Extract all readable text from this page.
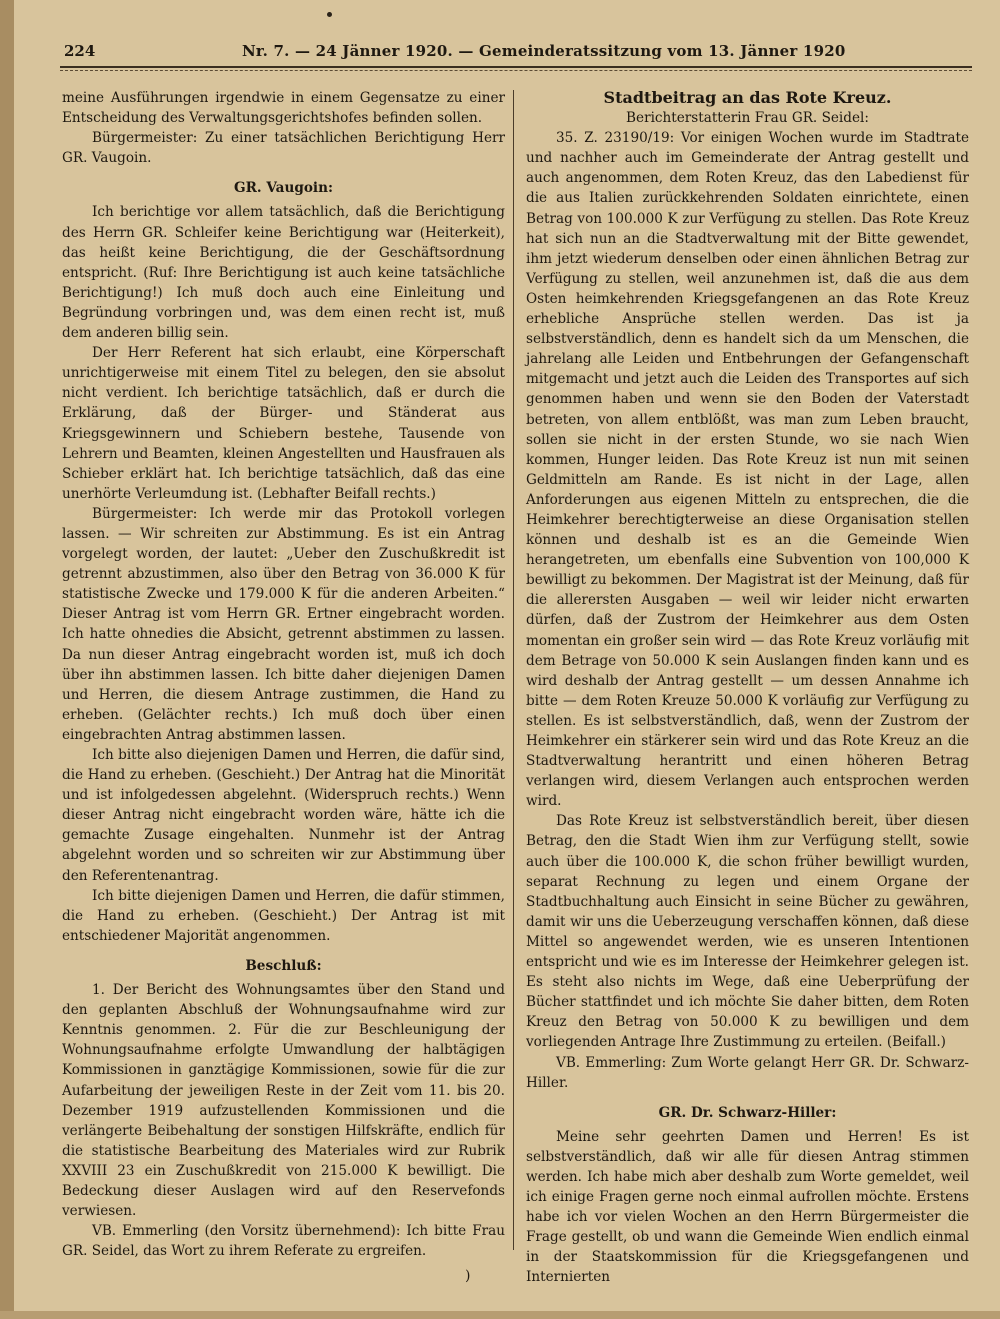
224	Nr. 7. — 24 Jänner 1920. — Gemeinderatssitzung vom 13. Jänner 1920

meine Ausführungen irgendwie in einem Gegensatze zu einer Entscheidung des Verwaltungsgerichtshofes befinden sollen.

Bürgermeister: Zu einer tatsächlichen Berichtigung Herr GR. Vaugoin.

GR. Vaugoin:

Ich berichtige vor allem tatsächlich, daß die Berichtigung des Herrn GR. Schleifer keine Berichtigung war (Heiterkeit), das heißt keine Berichtigung, die der Geschäftsordnung entspricht. (Ruf: Ihre Berichtigung ist auch keine tatsächliche Berichtigung!) Ich muß doch auch eine Einleitung und Begründung vorbringen und, was dem einen recht ist, muß dem anderen billig sein.

Der Herr Referent hat sich erlaubt, eine Körperschaft unrichtigerweise mit einem Titel zu belegen, den sie absolut nicht verdient. Ich berichtige tatsächlich, daß er durch die Erklärung, daß der Bürger- und Ständerat aus Kriegsgewinnern und Schiebern bestehe, Tausende von Lehrern und Beamten, kleinen Angestellten und Hausfrauen als Schieber erklärt hat. Ich berichtige tatsächlich, daß das eine unerhörte Verleumdung ist. (Lebhafter Beifall rechts.)

Bürgermeister: Ich werde mir das Protokoll vorlegen lassen. — Wir schreiten zur Abstimmung. Es ist ein Antrag vorgelegt worden, der lautet: „Ueber den Zuschußkredit ist getrennt abzustimmen, also über den Betrag von 36.000 K für statistische Zwecke und 179.000 K für die anderen Arbeiten.“ Dieser Antrag ist vom Herrn GR. Ertner eingebracht worden. Ich hatte ohnedies die Absicht, getrennt abstimmen zu lassen. Da nun dieser Antrag eingebracht worden ist, muß ich doch über ihn abstimmen lassen. Ich bitte daher diejenigen Damen und Herren, die diesem Antrage zustimmen, die Hand zu erheben. (Gelächter rechts.) Ich muß doch über einen eingebrachten Antrag abstimmen lassen.

Ich bitte also diejenigen Damen und Herren, die dafür sind, die Hand zu erheben. (Geschieht.) Der Antrag hat die Minorität und ist infolgedessen abgelehnt. (Widerspruch rechts.) Wenn dieser Antrag nicht eingebracht worden wäre, hätte ich die gemachte Zusage eingehalten. Nunmehr ist der Antrag abgelehnt worden und so schreiten wir zur Abstimmung über den Referentenantrag.

Ich bitte diejenigen Damen und Herren, die dafür stimmen, die Hand zu erheben. (Geschieht.) Der Antrag ist mit entschiedener Majorität angenommen.

Beschluß:

1. Der Bericht des Wohnungsamtes über den Stand und den geplanten Abschluß der Wohnungsaufnahme wird zur Kenntnis genommen. 2. Für die zur Beschleunigung der Wohnungsaufnahme erfolgte Umwandlung der halbtägigen Kommissionen in ganztägige Kommissionen, sowie für die zur Aufarbeitung der jeweiligen Reste in der Zeit vom 11. bis 20. Dezember 1919 aufzustellenden Kommissionen und die verlängerte Beibehaltung der sonstigen Hilfskräfte, endlich für die statistische Bearbeitung des Materiales wird zur Rubrik XXVIII 23 ein Zuschußkredit von 215.000 K bewilligt. Die Bedeckung dieser Auslagen wird auf den Reservefonds verwiesen.

VB. Emmerling (den Vorsitz übernehmend): Ich bitte Frau GR. Seidel, das Wort zu ihrem Referate zu ergreifen.

Stadtbeitrag an das Rote Kreuz.

Berichterstatterin Frau GR. Seidel:

35. Z. 23190/19: Vor einigen Wochen wurde im Stadtrate und nachher auch im Gemeinderate der Antrag gestellt und auch angenommen, dem Roten Kreuz, das den Labedienst für die aus Italien zurückkehrenden Soldaten einrichtete, einen Betrag von 100.000 K zur Verfügung zu stellen. Das Rote Kreuz hat sich nun an die Stadtverwaltung mit der Bitte gewendet, ihm jetzt wiederum denselben oder einen ähnlichen Betrag zur Verfügung zu stellen, weil anzunehmen ist, daß die aus dem Osten heimkehrenden Kriegsgefangenen an das Rote Kreuz erhebliche Ansprüche stellen werden. Das ist ja selbstverständlich, denn es handelt sich da um Menschen, die jahrelang alle Leiden und Entbehrungen der Gefangenschaft mitgemacht und jetzt auch die Leiden des Transportes auf sich genommen haben und wenn sie den Boden der Vaterstadt betreten, von allem entblößt, was man zum Leben braucht, sollen sie nicht in der ersten Stunde, wo sie nach Wien kommen, Hunger leiden. Das Rote Kreuz ist nun mit seinen Geldmitteln am Rande. Es ist nicht in der Lage, allen Anforderungen aus eigenen Mitteln zu entsprechen, die die Heimkehrer berechtigterweise an diese Organisation stellen können und deshalb ist es an die Gemeinde Wien herangetreten, um ebenfalls eine Subvention von 100,000 K bewilligt zu bekommen. Der Magistrat ist der Meinung, daß für die allerersten Ausgaben — weil wir leider nicht erwarten dürfen, daß der Zustrom der Heimkehrer aus dem Osten momentan ein großer sein wird — das Rote Kreuz vorläufig mit dem Betrage von 50.000 K sein Auslangen finden kann und es wird deshalb der Antrag gestellt — um dessen Annahme ich bitte — dem Roten Kreuze 50.000 K vorläufig zur Verfügung zu stellen. Es ist selbstverständlich, daß, wenn der Zustrom der Heimkehrer ein stärkerer sein wird und das Rote Kreuz an die Stadtverwaltung herantritt und einen höheren Betrag verlangen wird, diesem Verlangen auch entsprochen werden wird.

Das Rote Kreuz ist selbstverständlich bereit, über diesen Betrag, den die Stadt Wien ihm zur Verfügung stellt, sowie auch über die 100.000 K, die schon früher bewilligt wurden, separat Rechnung zu legen und einem Organe der Stadtbuchhaltung auch Einsicht in seine Bücher zu gewähren, damit wir uns die Ueberzeugung verschaffen können, daß diese Mittel so angewendet werden, wie es unseren Intentionen entspricht und wie es im Interesse der Heimkehrer gelegen ist. Es steht also nichts im Wege, daß eine Ueberprüfung der Bücher stattfindet und ich möchte Sie daher bitten, dem Roten Kreuz den Betrag von 50.000 K zu bewilligen und dem vorliegenden Antrage Ihre Zustimmung zu erteilen. (Beifall.)

VB. Emmerling: Zum Worte gelangt Herr GR. Dr. Schwarz-Hiller.

GR. Dr. Schwarz-Hiller:

Meine sehr geehrten Damen und Herren! Es ist selbstverständlich, daß wir alle für diesen Antrag stimmen werden. Ich habe mich aber deshalb zum Worte gemeldet, weil ich einige Fragen gerne noch einmal aufrollen möchte. Erstens habe ich vor vielen Wochen an den Herrn Bürgermeister die Frage gestellt, ob und wann die Gemeinde Wien endlich einmal in der Staatskommission für die Kriegsgefangenen und Internierten

)
